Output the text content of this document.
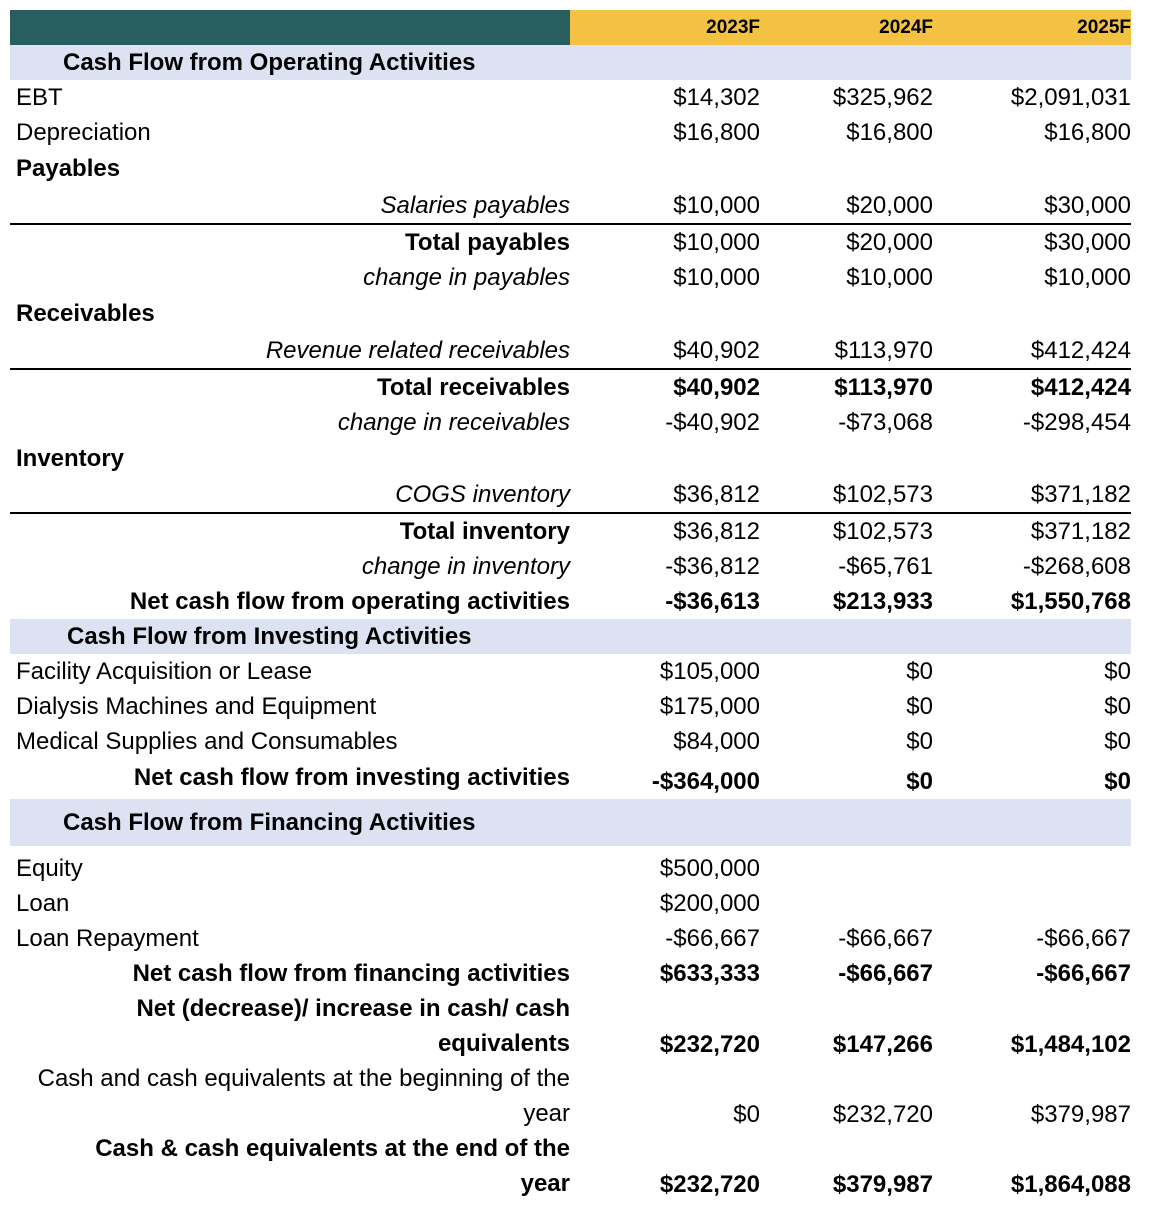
2023F	2024F	2025F
Cash Flow from Operating Activities
EBT	$14,302	$325,962	$2,091,031
Depreciation	$16,800	$16,800	$16,800
Payables
Salaries payables	$10,000	$20,000	$30,000
Total payables	$10,000	$20,000	$30,000
change in payables	$10,000	$10,000	$10,000
Receivables
Revenue related receivables	$40,902	$113,970	$412,424
Total receivables	$40,902	$113,970	$412,424
change in receivables	-$40,902	-$73,068	-$298,454
Inventory
COGS inventory	$36,812	$102,573	$371,182
Total inventory	$36,812	$102,573	$371,182
change in inventory	-$36,812	-$65,761	-$268,608
Net cash flow from operating activities	-$36,613	$213,933	$1,550,768
Cash Flow from Investing Activities
Facility Acquisition or Lease	$105,000	$0	$0
Dialysis Machines and Equipment	$175,000	$0	$0
Medical Supplies and Consumables	$84,000	$0	$0
Net cash flow from investing activities	-$364,000	$0	$0
Cash Flow from Financing Activities
Equity	$500,000
Loan	$200,000
Loan Repayment	-$66,667	-$66,667	-$66,667
Net cash flow from financing activities	$633,333	-$66,667	-$66,667
Net (decrease)/ increase in cash/ cash equivalents	$232,720	$147,266	$1,484,102
Cash and cash equivalents at the beginning of the year	$0	$232,720	$379,987
Cash & cash equivalents at the end of the year	$232,720	$379,987	$1,864,088
